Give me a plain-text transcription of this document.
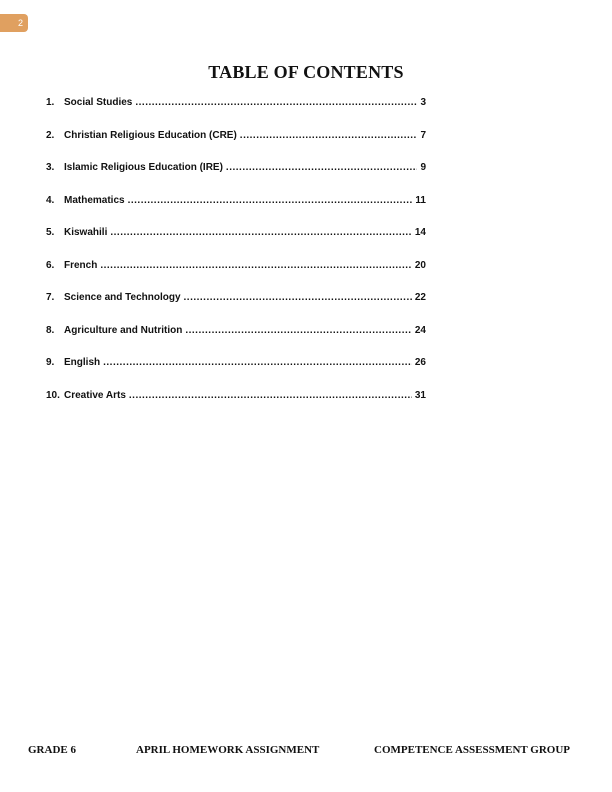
2
TABLE OF CONTENTS
1. Social Studies .....	3
2. Christian Religious Education (CRE) .....	7
3. Islamic Religious Education (IRE) .....	9
4. Mathematics .....	11
5. Kiswahili .....	14
6. French .....	20
7. Science and Technology .....	22
8. Agriculture and Nutrition .....	24
9. English .....	26
10. Creative Arts .....	31
GRADE 6	APRIL HOMEWORK ASSIGNMENT	COMPETENCE ASSESSMENT GROUP
